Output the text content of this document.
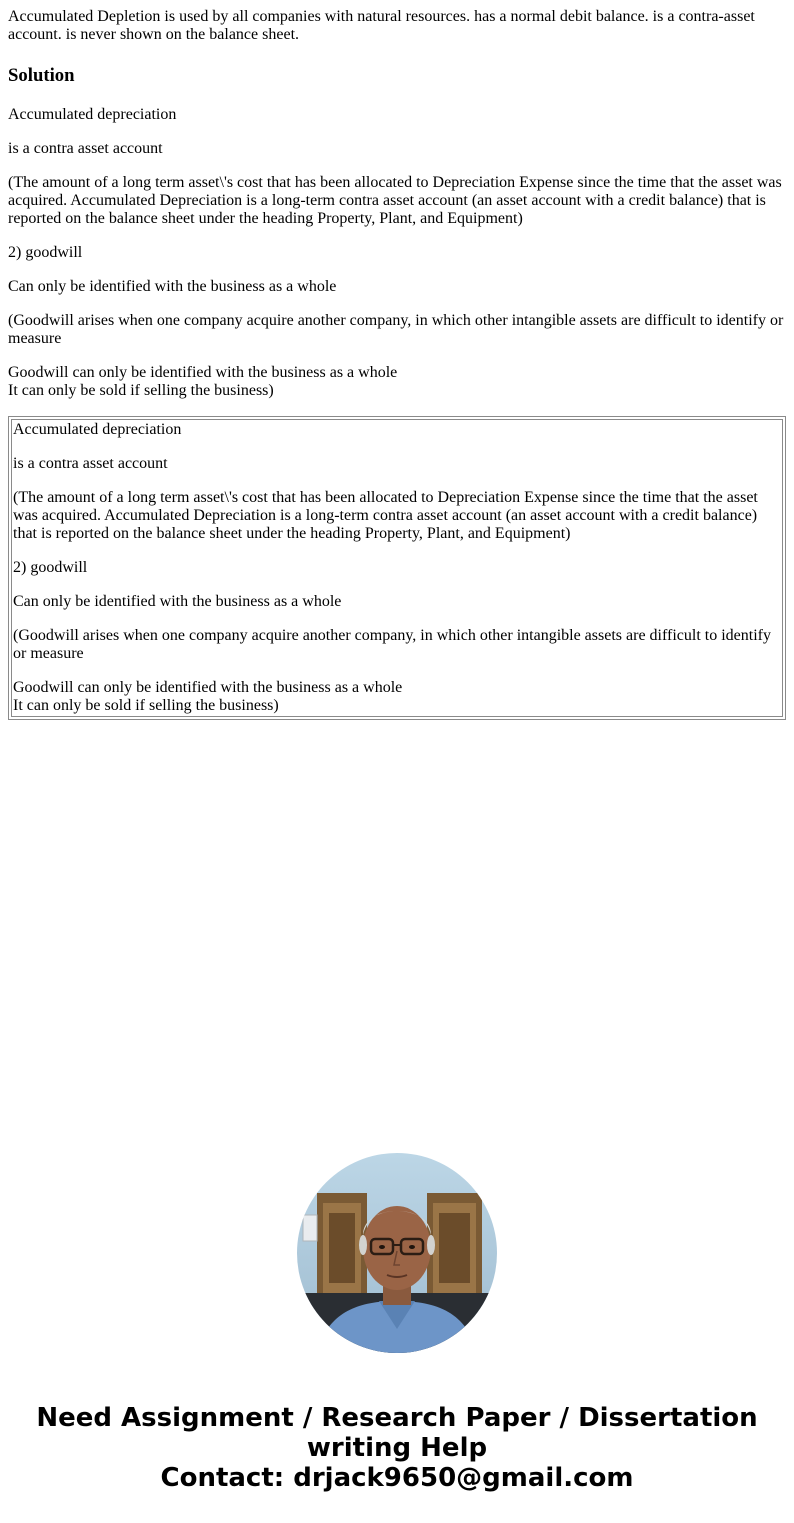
Accumulated Depletion is used by all companies with natural resources. has a normal debit balance. is a contra-asset account. is never shown on the balance sheet.
Solution

Accumulated depreciation

is a contra asset account

(The amount of a long term asset\'s cost that has been allocated to Depreciation Expense since the time that the asset was acquired. Accumulated Depreciation is a long-term contra asset account (an asset account with a credit balance) that is reported on the balance sheet under the heading Property, Plant, and Equipment)

2) goodwill

Can only be identified with the business as a whole

(Goodwill arises when one company acquire another company, in which other intangible assets are difficult to identify or measure

Goodwill can only be identified with the business as a whole
It can only be sold if selling the business)

Accumulated depreciation

is a contra asset account

(The amount of a long term asset\'s cost that has been allocated to Depreciation Expense since the time that the asset was acquired. Accumulated Depreciation is a long-term contra asset account (an asset account with a credit balance) that is reported on the balance sheet under the heading Property, Plant, and Equipment)

2) goodwill

Can only be identified with the business as a whole

(Goodwill arises when one company acquire another company, in which other intangible assets are difficult to identify or measure

Goodwill can only be identified with the business as a whole
It can only be sold if selling the business)

Need Assignment / Research Paper / Dissertation
writing Help
Contact: drjack9650@gmail.com
